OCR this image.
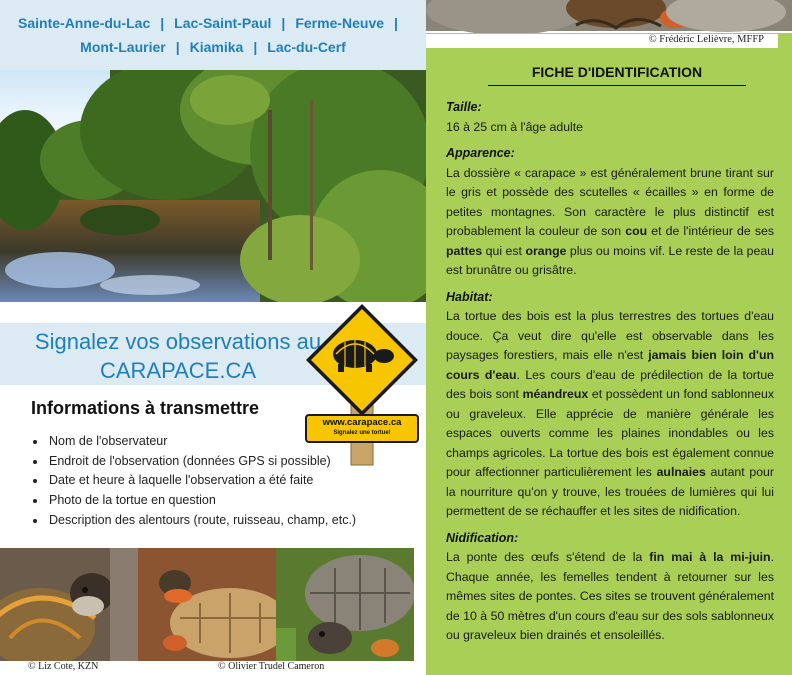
Sainte-Anne-du-Lac | Lac-Saint-Paul | Ferme-Neuve |
Mont-Laurier | Kiamika | Lac-du-Cerf
Signalez vos observations au
CARAPACE.CA
www.carapace.ca
Signalez une tortue!
Informations à transmettre
• Nom de l'observateur
• Endroit de l'observation (données GPS si possible)
• Date et heure à laquelle l'observation a été faite
• Photo de la tortue en question
• Description des alentours (route, ruisseau, champ, etc.)
© Liz Cote, KZN	© Olivier Trudel Cameron
© Frédéric Lelièvre, MFFP
FICHE D'IDENTIFICATION
Taille:

16 à 25 cm à l'âge adulte

Apparence:

La dossière « carapace » est généralement brune tirant sur le gris et possède des scutelles « écailles » en forme de petites montagnes. Son caractère le plus distinctif est probablement la couleur de son cou et de l'intérieur de ses pattes qui est orange plus ou moins vif. Le reste de la peau est brunâtre ou grisâtre.

Habitat:

La tortue des bois est la plus terrestres des tortues d'eau douce. Ça veut dire qu'elle est observable dans les paysages forestiers, mais elle n'est jamais bien loin d'un cours d'eau. Les cours d'eau de prédilection de la tortue des bois sont méandreux et possèdent un fond sablonneux ou graveleux. Elle apprécie de manière générale les espaces ouverts comme les plaines inondables ou les champs agricoles. La tortue des bois est également connue pour affectionner particulièrement les aulnaies autant pour la nourriture qu'on y trouve, les trouées de lumières qui lui permettent de se réchauffer et les sites de nidification.

Nidification:

La ponte des œufs s'étend de la fin mai à la mi-juin. Chaque année, les femelles tendent à retourner sur les mêmes sites de pontes. Ces sites se trouvent généralement de 10 à 50 mètres d'un cours d'eau sur des sols sablonneux ou graveleux bien drainés et ensoleillés.
